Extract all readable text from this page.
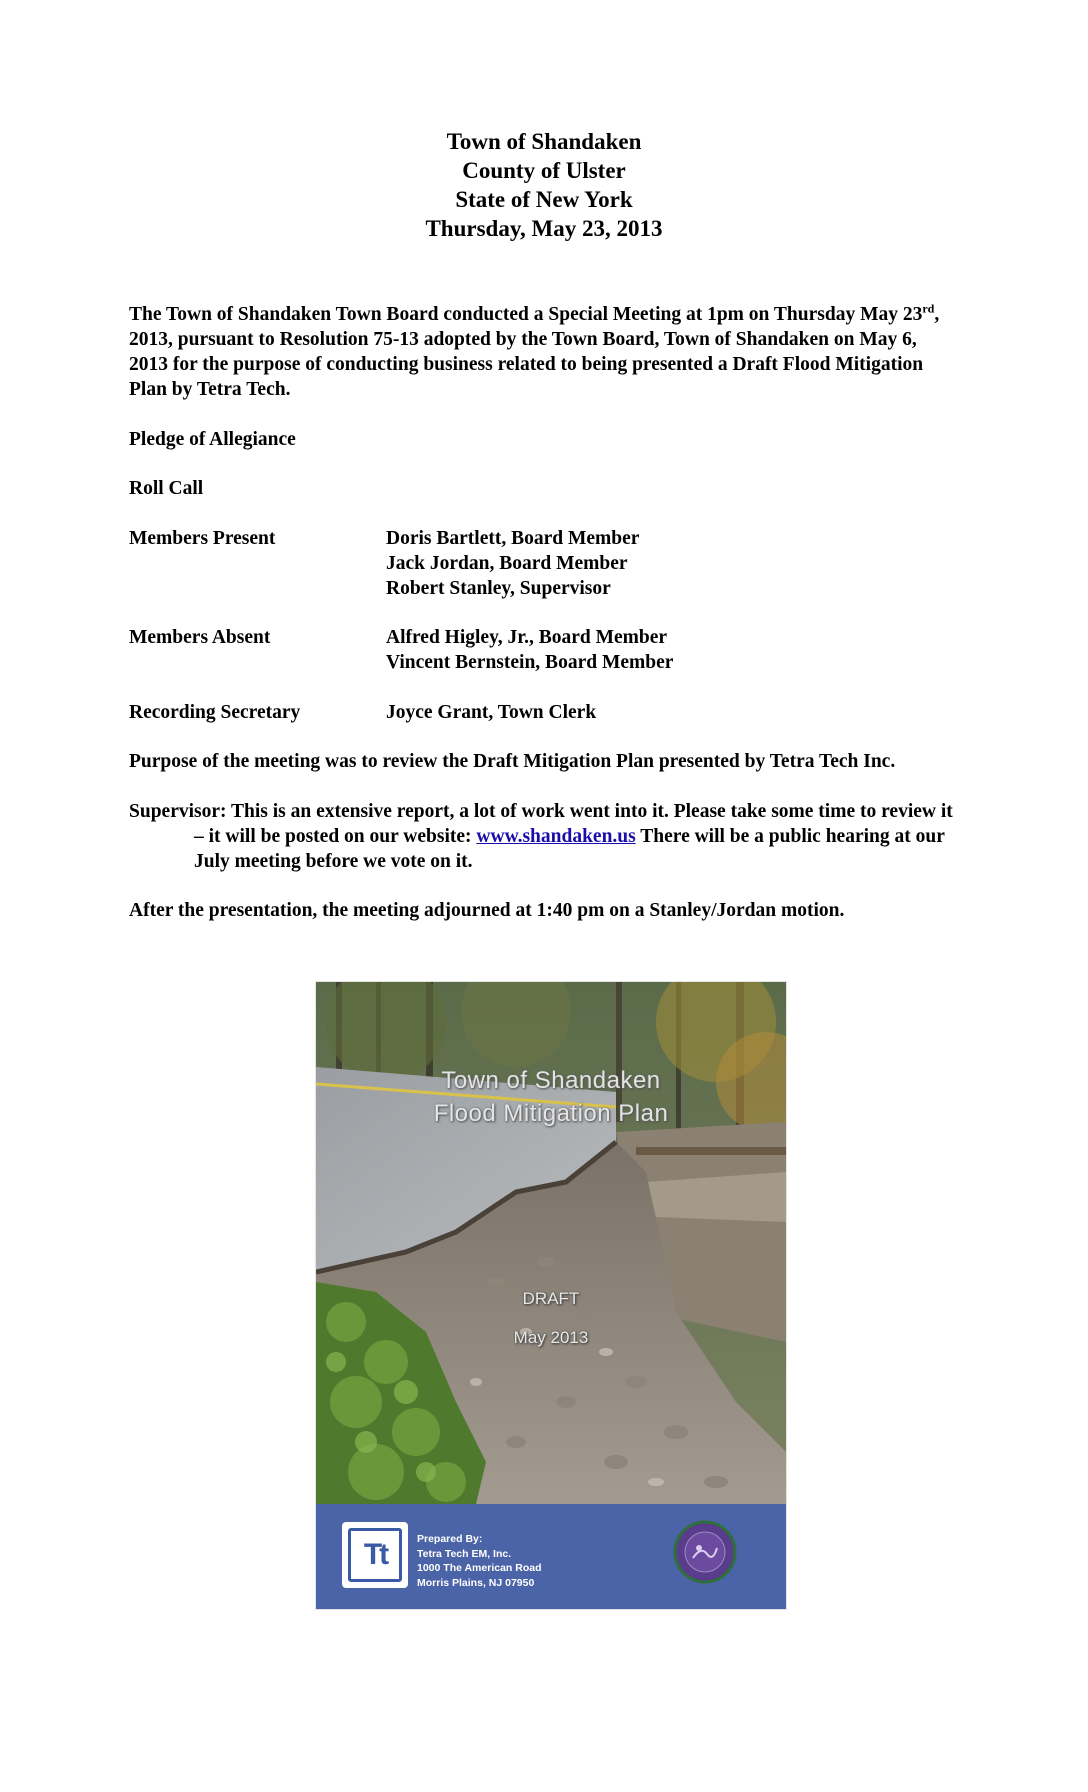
Town of Shandaken
County of Ulster
State of New York
Thursday, May 23, 2013
The Town of Shandaken Town Board conducted a Special Meeting at 1pm on Thursday May 23rd, 2013, pursuant to Resolution 75-13 adopted by the Town Board, Town of Shandaken on May 6, 2013 for the purpose of conducting business related to being presented a Draft Flood Mitigation Plan by Tetra Tech.
Pledge of Allegiance
Roll Call
Members Present	Doris Bartlett, Board Member
Jack Jordan, Board Member
Robert Stanley, Supervisor
Members Absent	Alfred Higley, Jr., Board Member
Vincent Bernstein, Board Member
Recording Secretary	Joyce Grant, Town Clerk
Purpose of the meeting was to review the Draft Mitigation Plan presented by Tetra Tech Inc.
Supervisor: This is an extensive report, a lot of work went into it. Please take some time to review it – it will be posted on our website: www.shandaken.us There will be a public hearing at our July meeting before we vote on it.
After the presentation, the meeting adjourned at 1:40 pm on a Stanley/Jordan motion.
Town of Shandaken
Flood Mitigation Plan
DRAFT
May 2013
Tt	Prepared By:
Tetra Tech EM, Inc.
1000 The American Road
Morris Plains, NJ 07950
